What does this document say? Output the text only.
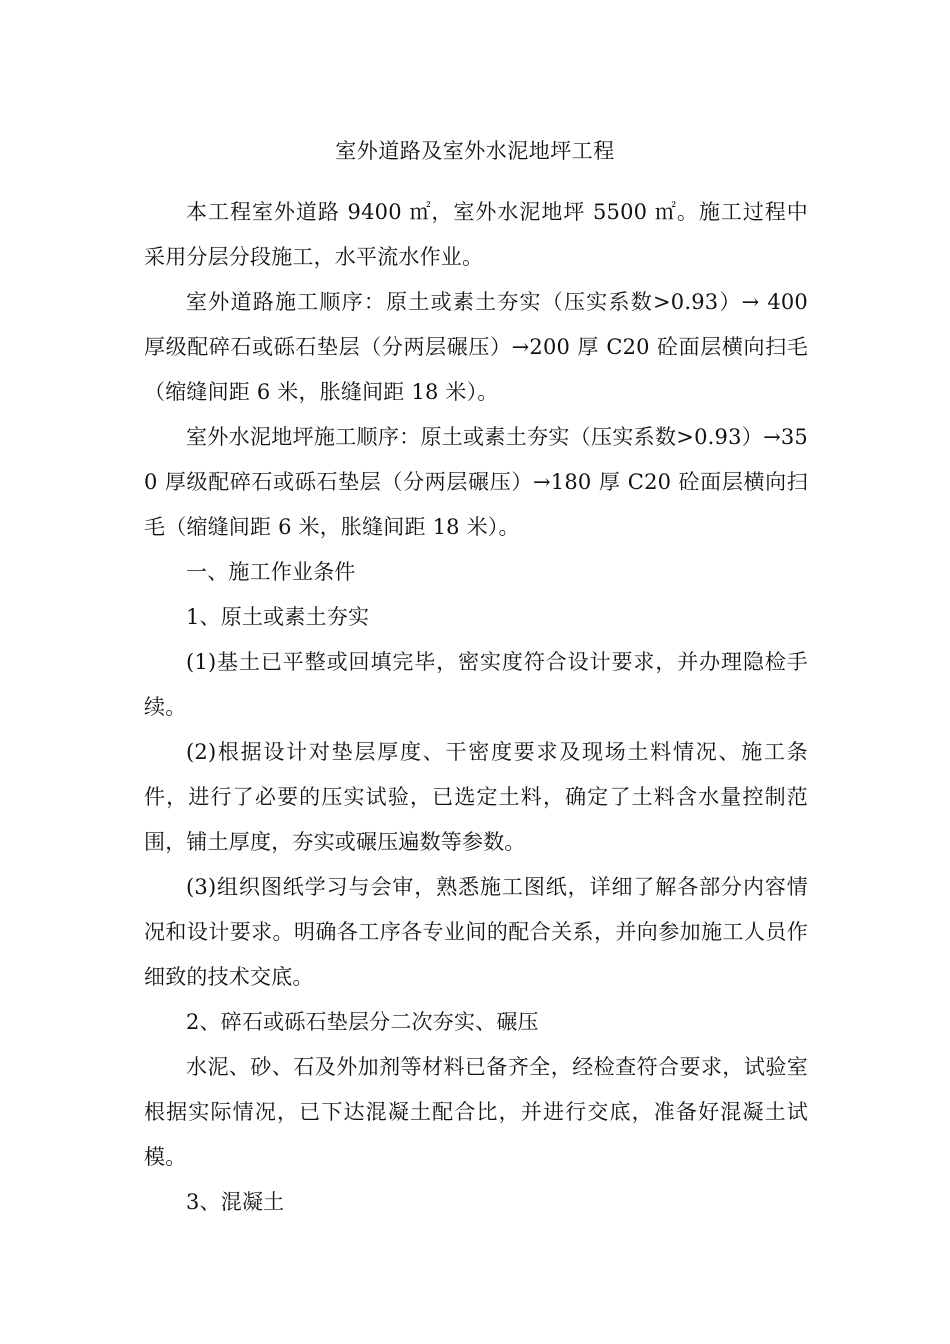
室外道路及室外水泥地坪工程

本工程室外道路 9400 ㎡，室外水泥地坪 5500 ㎡。施工过程中采用分层分段施工，水平流水作业。

室外道路施工顺序：原土或素土夯实（压实系数>0.93）→ 400 厚级配碎石或砾石垫层（分两层碾压）→200 厚 C20 砼面层横向扫毛（缩缝间距 6 米，胀缝间距 18 米）。

室外水泥地坪施工顺序：原土或素土夯实（压实系数>0.93）→350 厚级配碎石或砾石垫层（分两层碾压）→180 厚 C20 砼面层横向扫毛（缩缝间距 6 米，胀缝间距 18 米）。

一、施工作业条件

1、原土或素土夯实

(1)基土已平整或回填完毕，密实度符合设计要求，并办理隐检手续。

(2)根据设计对垫层厚度、干密度要求及现场土料情况、施工条件，进行了必要的压实试验，已选定土料，确定了土料含水量控制范围，铺土厚度，夯实或碾压遍数等参数。

(3)组织图纸学习与会审，熟悉施工图纸，详细了解各部分内容情况和设计要求。明确各工序各专业间的配合关系，并向参加施工人员作细致的技术交底。

2、碎石或砾石垫层分二次夯实、碾压

水泥、砂、石及外加剂等材料已备齐全，经检查符合要求，试验室根据实际情况，已下达混凝土配合比，并进行交底，准备好混凝土试模。

3、混凝土
